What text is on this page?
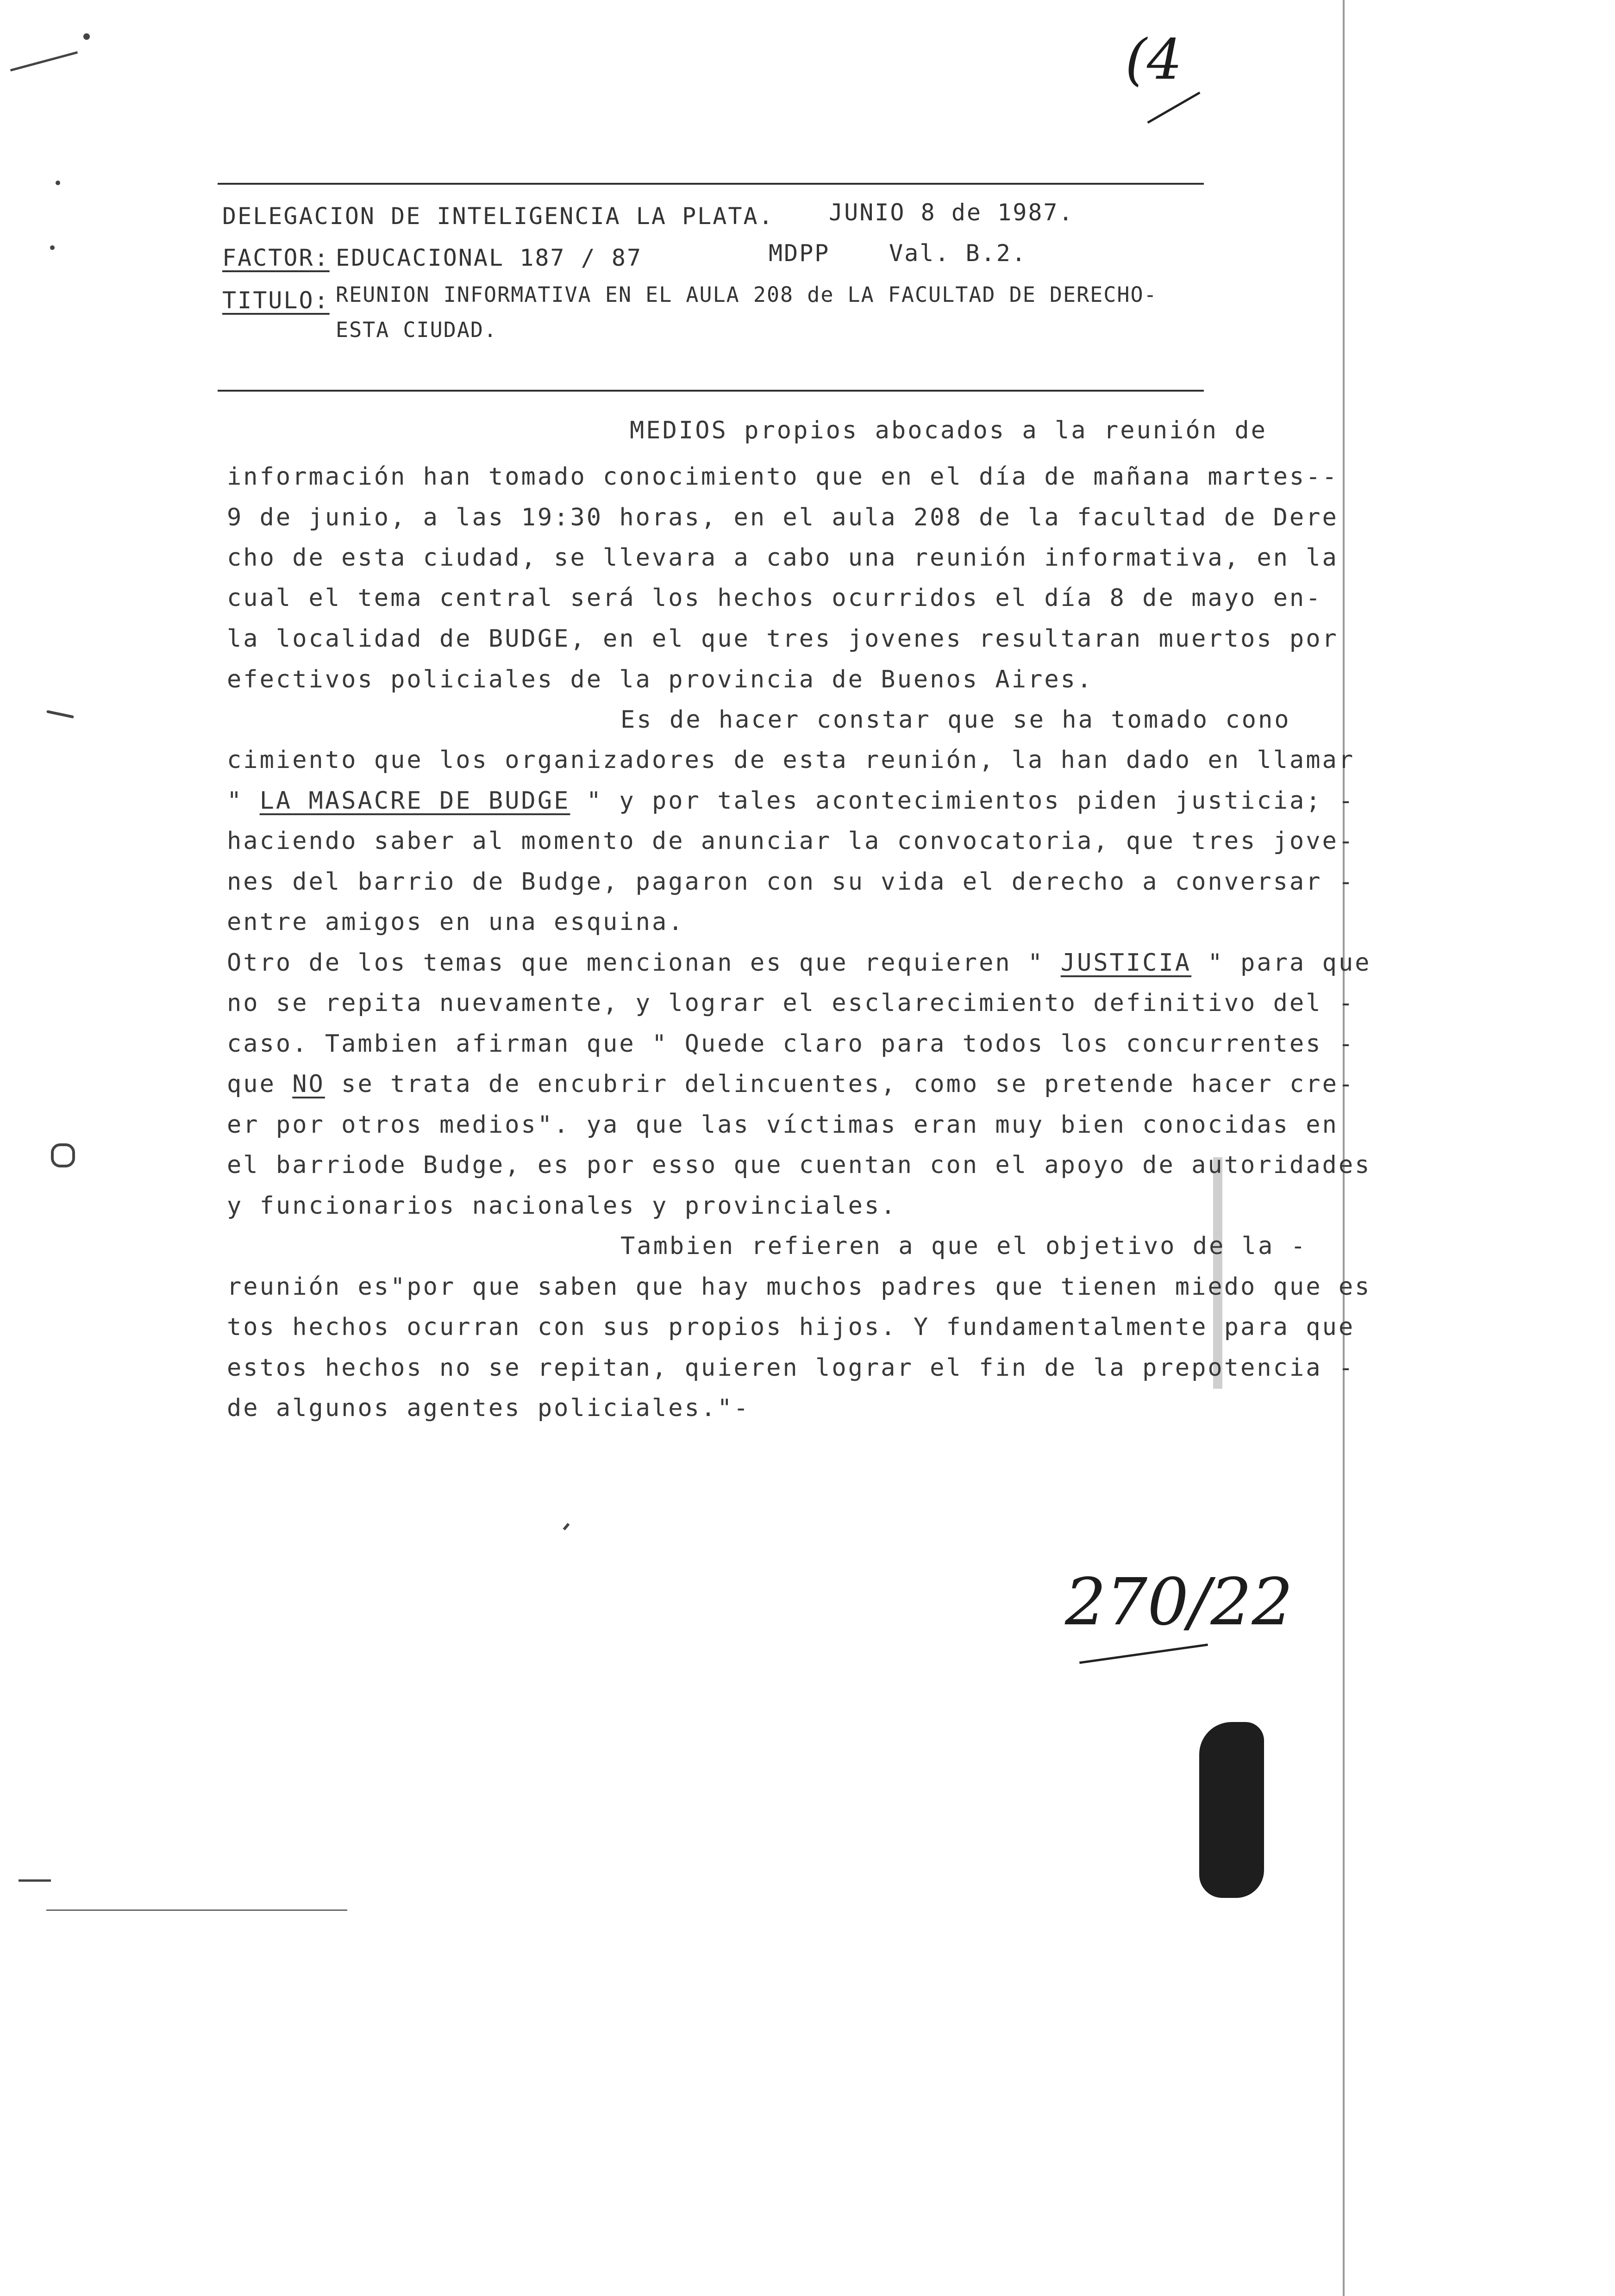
(4
270/22
DELEGACION DE INTELIGENCIA LA PLATA. JUNIO 8 de 1987.
FACTOR: EDUCACIONAL 187 / 87	MDPP	Val. B.2.
TITULO: REUNION INFORMATIVA EN EL AULA 208 de LA FACULTAD DE DERECHO-
ESTA CIUDAD.
MEDIOS propios abocados a la reunión de
información han tomado conocimiento que en el día de mañana martes--
9 de junio, a las 19:30 horas, en el aula 208 de la facultad de Dere
cho de esta ciudad, se llevara a cabo una reunión informativa, en la
cual el tema central será los hechos ocurridos el día 8 de mayo en-
la localidad de BUDGE, en el que tres jovenes resultaran muertos por
efectivos policiales de la provincia de Buenos Aires.
Es de hacer constar que se ha tomado cono
cimiento que los organizadores de esta reunión, la han dado en llamar
" LA MASACRE DE BUDGE " y por tales acontecimientos piden justicia; -
haciendo saber al momento de anunciar la convocatoria, que tres jove-
nes del barrio de Budge, pagaron con su vida el derecho a conversar -
entre amigos en una esquina.
Otro de los temas que mencionan es que requieren " JUSTICIA " para que
no se repita nuevamente, y lograr el esclarecimiento definitivo del -
caso. Tambien afirman que " Quede claro para todos los concurrentes -
que NO se trata de encubrir delincuentes, como se pretende hacer cre-
er por otros medios". ya que las víctimas eran muy bien conocidas en
el barriode Budge, es por esso que cuentan con el apoyo de autoridades
y funcionarios nacionales y provinciales.
Tambien refieren a que el objetivo de la -
reunión es"por que saben que hay muchos padres que tienen miedo que es
tos hechos ocurran con sus propios hijos. Y fundamentalmente para que
estos hechos no se repitan, quieren lograr el fin de la prepotencia -
de algunos agentes policiales."-
